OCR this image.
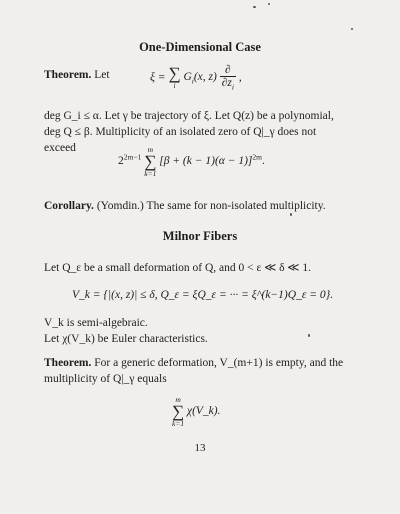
One-Dimensional Case
Theorem. Let	ξ = ∑
i
$G_i(x$, $z) \frac{\partial}{\partial z_i}$ ,
deg G_i ≤ α. Let γ be trajectory of ξ. Let Q(z) be a polynomial,
deg Q ≤ β. Multiplicity of an isolated zero of Q|_γ does not
exceed
$2^{2m-1}$
m
∑
k=1
$[\beta + (k - 1)(\alpha - 1)]^{2m}$.
Corollary. (Yomdin.) The same for non-isolated multiplicity.
Milnor Fibers
Let Q_ε be a small deformation of Q, and 0 < ε ≪ δ ≪ 1.
V_k = {|(x, z)| ≤ δ, Q_ε = ξQ_ε = ··· = ξ^(k−1)Q_ε = 0}.
V_k is semi-algebraic.
Let χ(V_k) be Euler characteristics.
Theorem. For a generic deformation, V_(m+1) is empty, and the
multiplicity of Q|_γ equals
m
∑
k=1
χ(V_k).
13
